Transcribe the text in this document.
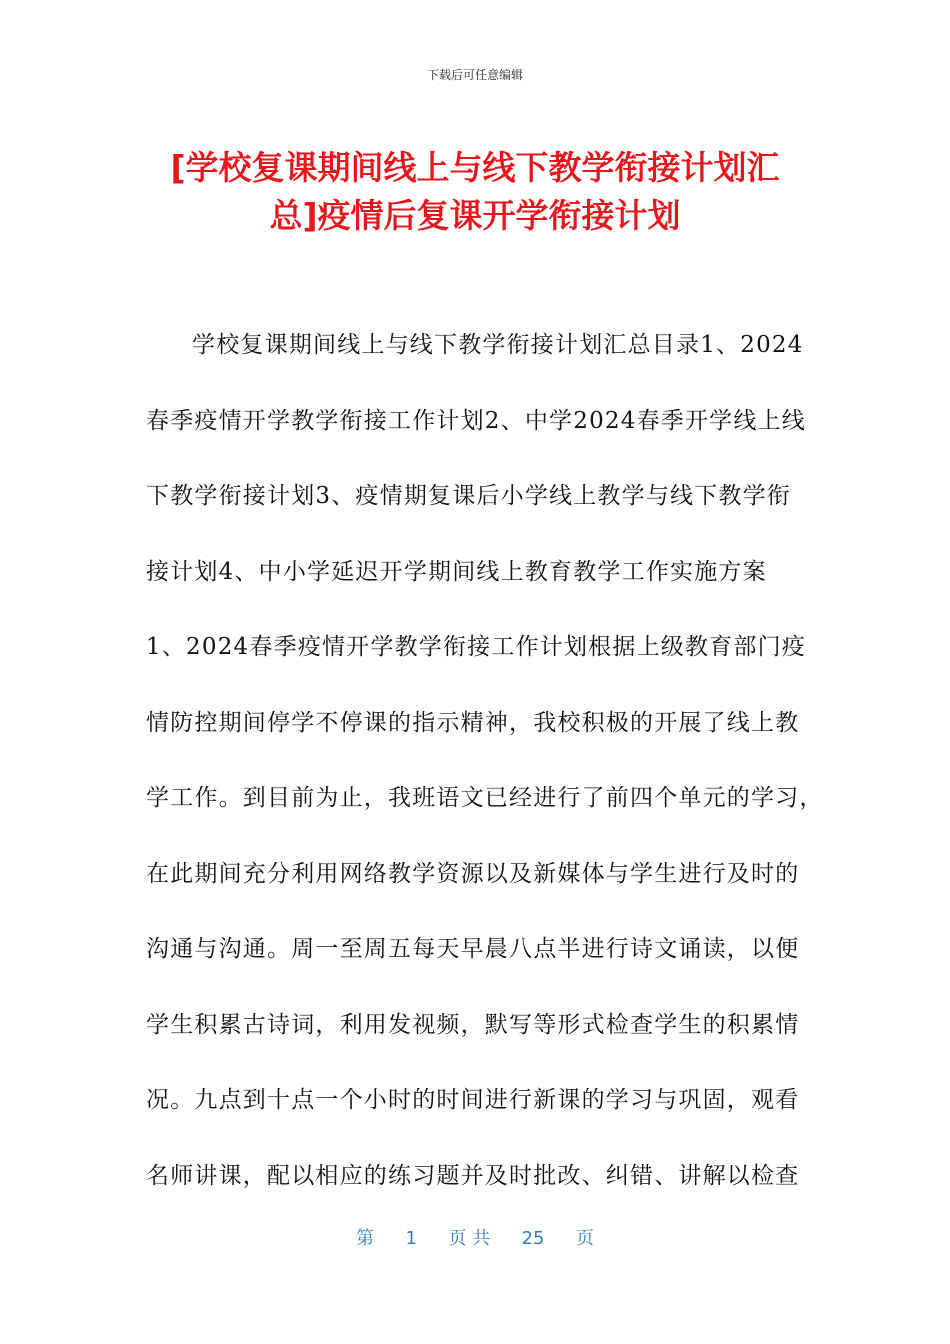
下载后可任意编辑
[学校复课期间线上与线下教学衔接计划汇
总]疫情后复课开学衔接计划
学校复课期间线上与线下教学衔接计划汇总目录1、2024
春季疫情开学教学衔接工作计划2、中学2024春季开学线上线
下教学衔接计划3、疫情期复课后小学线上教学与线下教学衔
接计划4、中小学延迟开学期间线上教育教学工作实施方案
1、2024春季疫情开学教学衔接工作计划根据上级教育部门疫
情防控期间停学不停课的指示精神，我校积极的开展了线上教
学工作。到目前为止，我班语文已经进行了前四个单元的学习，
在此期间充分利用网络教学资源以及新媒体与学生进行及时的
沟通与沟通。周一至周五每天早晨八点半进行诗文诵读，以便
学生积累古诗词，利用发视频，默写等形式检查学生的积累情
况。九点到十点一个小时的时间进行新课的学习与巩固，观看
名师讲课，配以相应的练习题并及时批改、纠错、讲解以检查
第 1 页 共 25 页
